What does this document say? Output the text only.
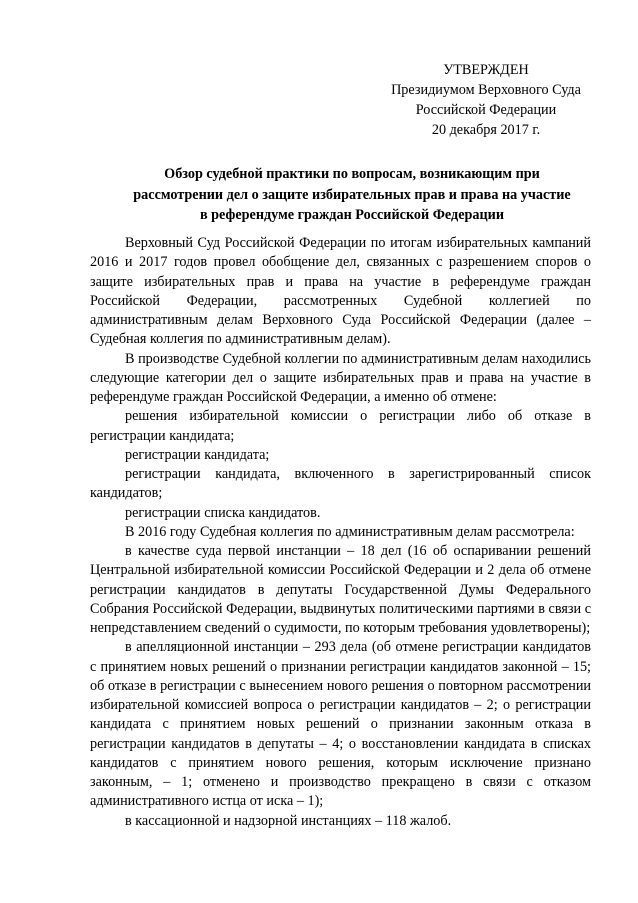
УТВЕРЖДЕН
Президиумом Верховного Суда
Российской Федерации
20 декабря 2017 г.
Обзор судебной практики по вопросам, возникающим при
рассмотрении дел о защите избирательных прав и права на участие
в референдуме граждан Российской Федерации

Верховный Суд Российской Федерации по итогам избирательных кампаний 2016 и 2017 годов провел обобщение дел, связанных с разрешением споров о защите избирательных прав и права на участие в референдуме граждан Российской Федерации, рассмотренных Судебной коллегией по административным делам Верховного Суда Российской Федерации (далее – Судебная коллегия по административным делам).

В производстве Судебной коллегии по административным делам находились следующие категории дел о защите избирательных прав и права на участие в референдуме граждан Российской Федерации, а именно об отмене:

решения избирательной комиссии о регистрации либо об отказе в регистрации кандидата;

регистрации кандидата;

регистрации кандидата, включенного в зарегистрированный список кандидатов;

регистрации списка кандидатов.

В 2016 году Судебная коллегия по административным делам рассмотрела:

в качестве суда первой инстанции – 18 дел (16 об оспаривании решений Центральной избирательной комиссии Российской Федерации и 2 дела об отмене регистрации кандидатов в депутаты Государственной Думы Федерального Собрания Российской Федерации, выдвинутых политическими партиями в связи с непредставлением сведений о судимости, по которым требования удовлетворены);

в апелляционной инстанции – 293 дела (об отмене регистрации кандидатов с принятием новых решений о признании регистрации кандидатов законной – 15; об отказе в регистрации с вынесением нового решения о повторном рассмотрении избирательной комиссией вопроса о регистрации кандидатов – 2; о регистрации кандидата с принятием новых решений о признании законным отказа в регистрации кандидатов в депутаты – 4; о восстановлении кандидата в списках кандидатов с принятием нового решения, которым исключение признано законным, – 1; отменено и производство прекращено в связи с отказом административного истца от иска – 1);

в кассационной и надзорной инстанциях – 118 жалоб.
